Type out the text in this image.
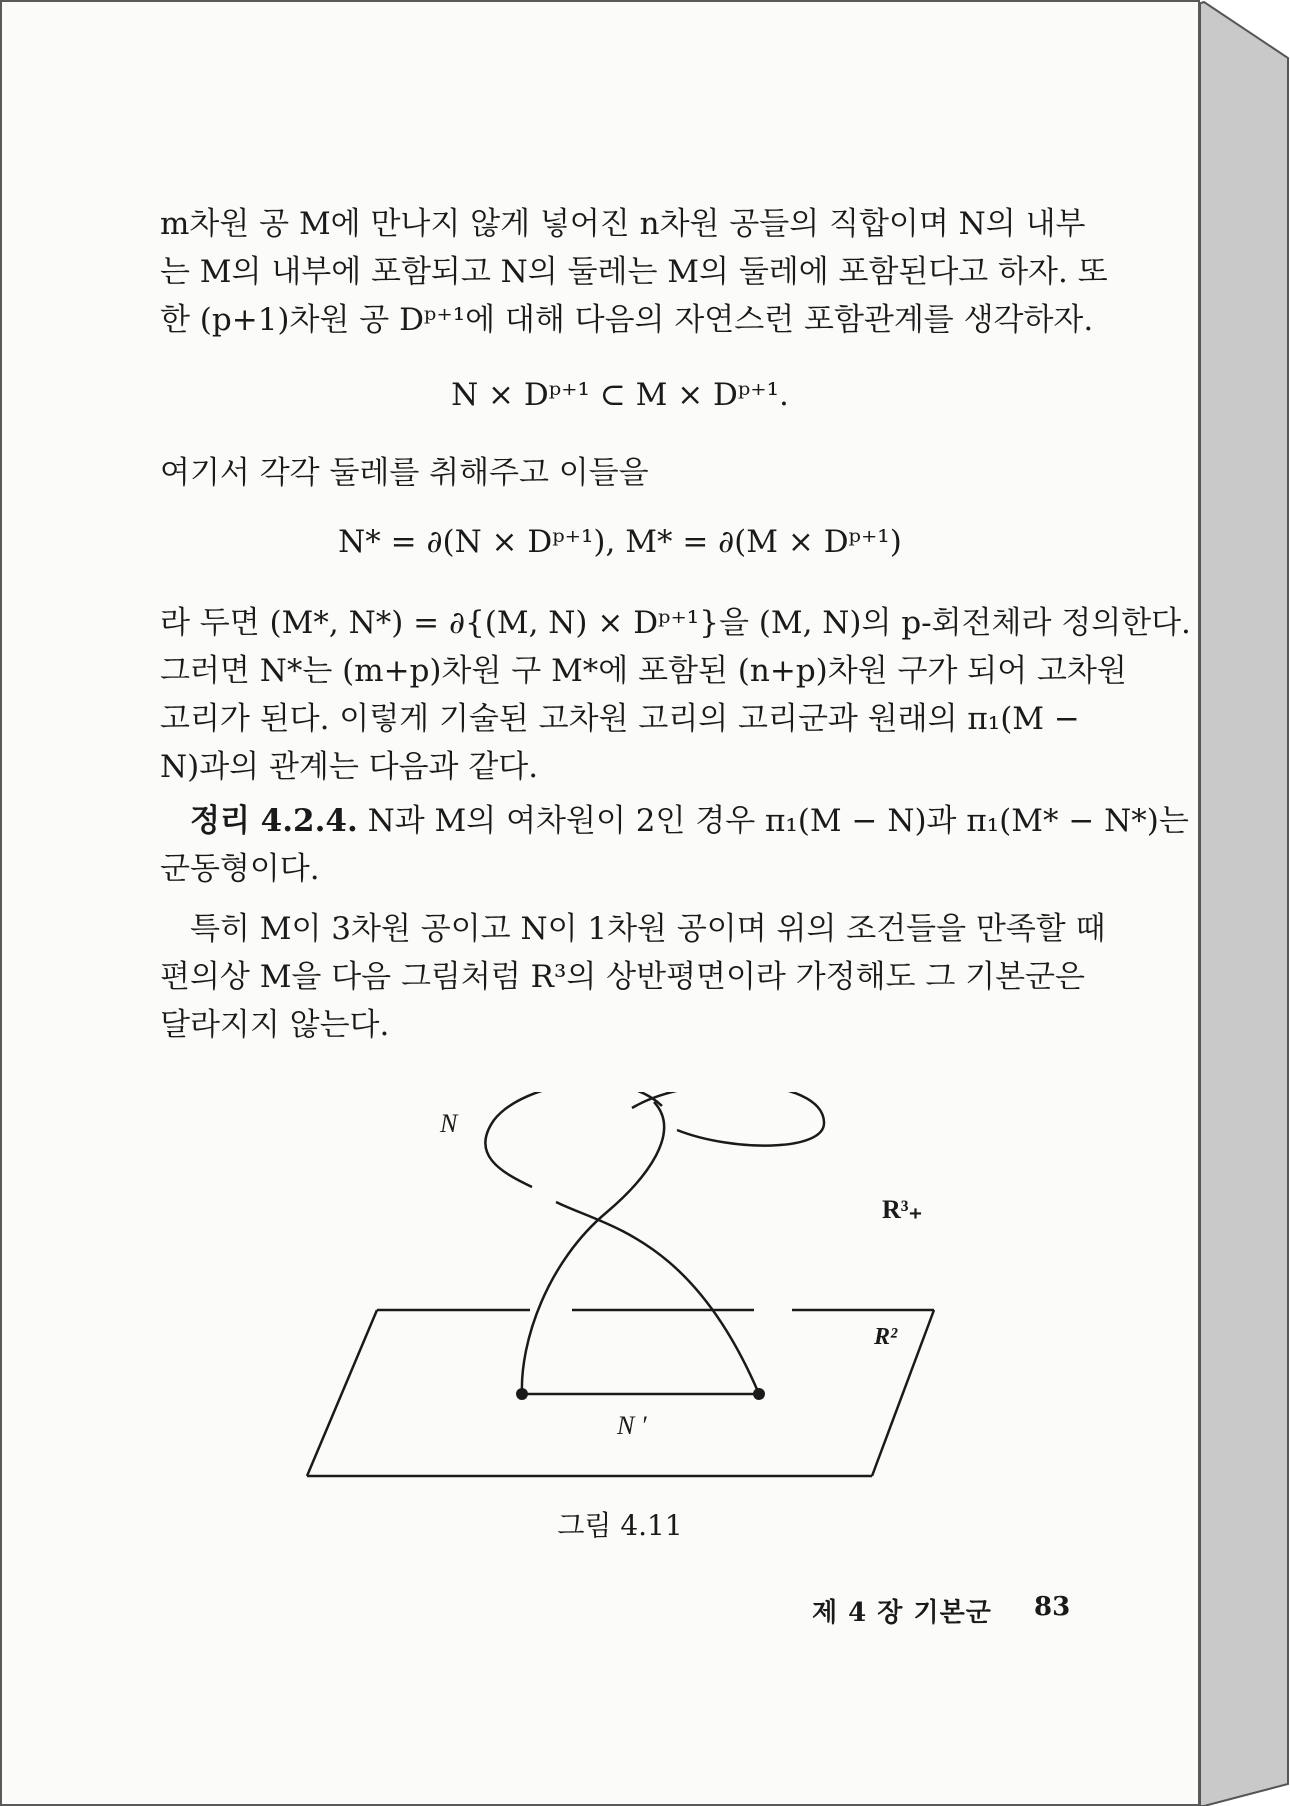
m차원 공 M에 만나지 않게 넣어진 n차원 공들의 직합이며 N의 내부
는 M의 내부에 포함되고 N의 둘레는 M의 둘레에 포함된다고 하자. 또
한 (p+1)차원 공 Dᵖ⁺¹에 대해 다음의 자연스런 포함관계를 생각하자.

N × Dᵖ⁺¹ ⊂ M × Dᵖ⁺¹.

여기서 각각 둘레를 취해주고 이들을

N* = ∂(N × Dᵖ⁺¹), M* = ∂(M × Dᵖ⁺¹)

라 두면 (M*, N*) = ∂{(M, N) × Dᵖ⁺¹}을 (M, N)의 p-회전체라 정의한다.
그러면 N*는 (m+p)차원 구 M*에 포함된 (n+p)차원 구가 되어 고차원
고리가 된다. 이렇게 기술된 고차원 고리의 고리군과 원래의 π₁(M −
N)과의 관계는 다음과 같다.
정리 4.2.4. N과 M의 여차원이 2인 경우 π₁(M − N)과 π₁(M* − N*)는
군동형이다.
특히 M이 3차원 공이고 N이 1차원 공이며 위의 조건들을 만족할 때
편의상 M을 다음 그림처럼 R³의 상반평면이라 가정해도 그 기본군은
달라지지 않는다.
N
R³₊
R²
N ′
그림 4.11
제 4 장 기본군 83
